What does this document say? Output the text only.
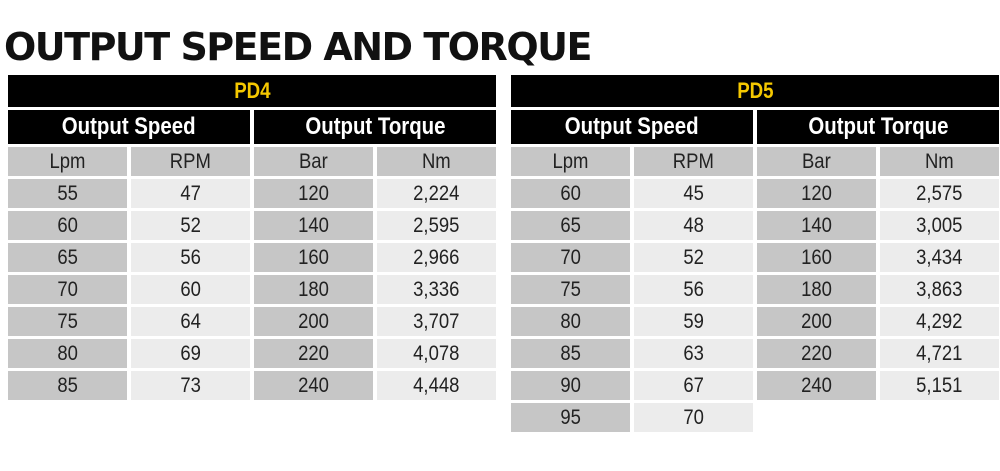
OUTPUT SPEED AND TORQUE
PD4
Output Speed	Output Torque
Lpm	RPM	Bar	Nm
55	47	120	2,224
60	52	140	2,595
65	56	160	2,966
70	60	180	3,336
75	64	200	3,707
80	69	220	4,078
85	73	240	4,448
PD5
Output Speed	Output Torque
Lpm	RPM	Bar	Nm
60	45	120	2,575
65	48	140	3,005
70	52	160	3,434
75	56	180	3,863
80	59	200	4,292
85	63	220	4,721
90	67	240	5,151
95	70
